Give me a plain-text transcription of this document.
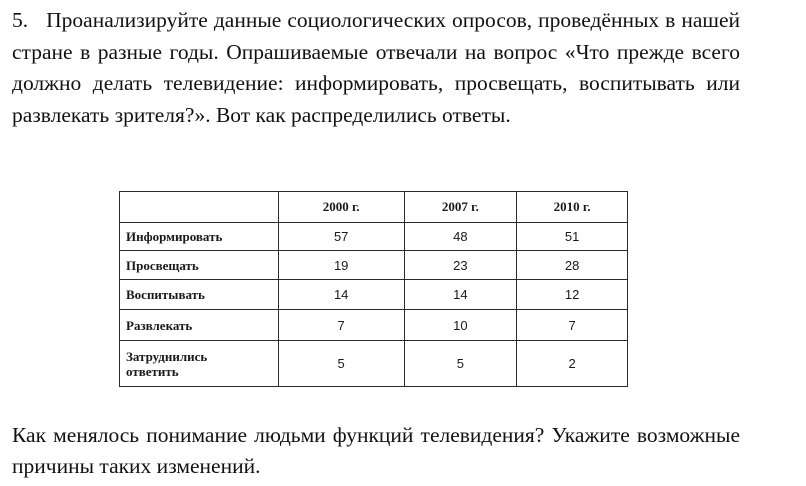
5. Проанализируйте данные социологических опросов, проведённых в нашей стране в разные годы. Опрашиваемые отвечали на вопрос «Что прежде всего должно делать телевидение: информировать, просвещать, воспитывать или развлекать зрителя?». Вот как распределились ответы.
	2000 г.	2007 г.	2010 г.
Информировать	57	48	51
Просвещать	19	23	28
Воспитывать	14	14	12
Развлекать	7	10	7
Затруднились
ответить	5	5	2
Как менялось понимание людьми функций телевидения? Укажите возможные причины таких изменений.
